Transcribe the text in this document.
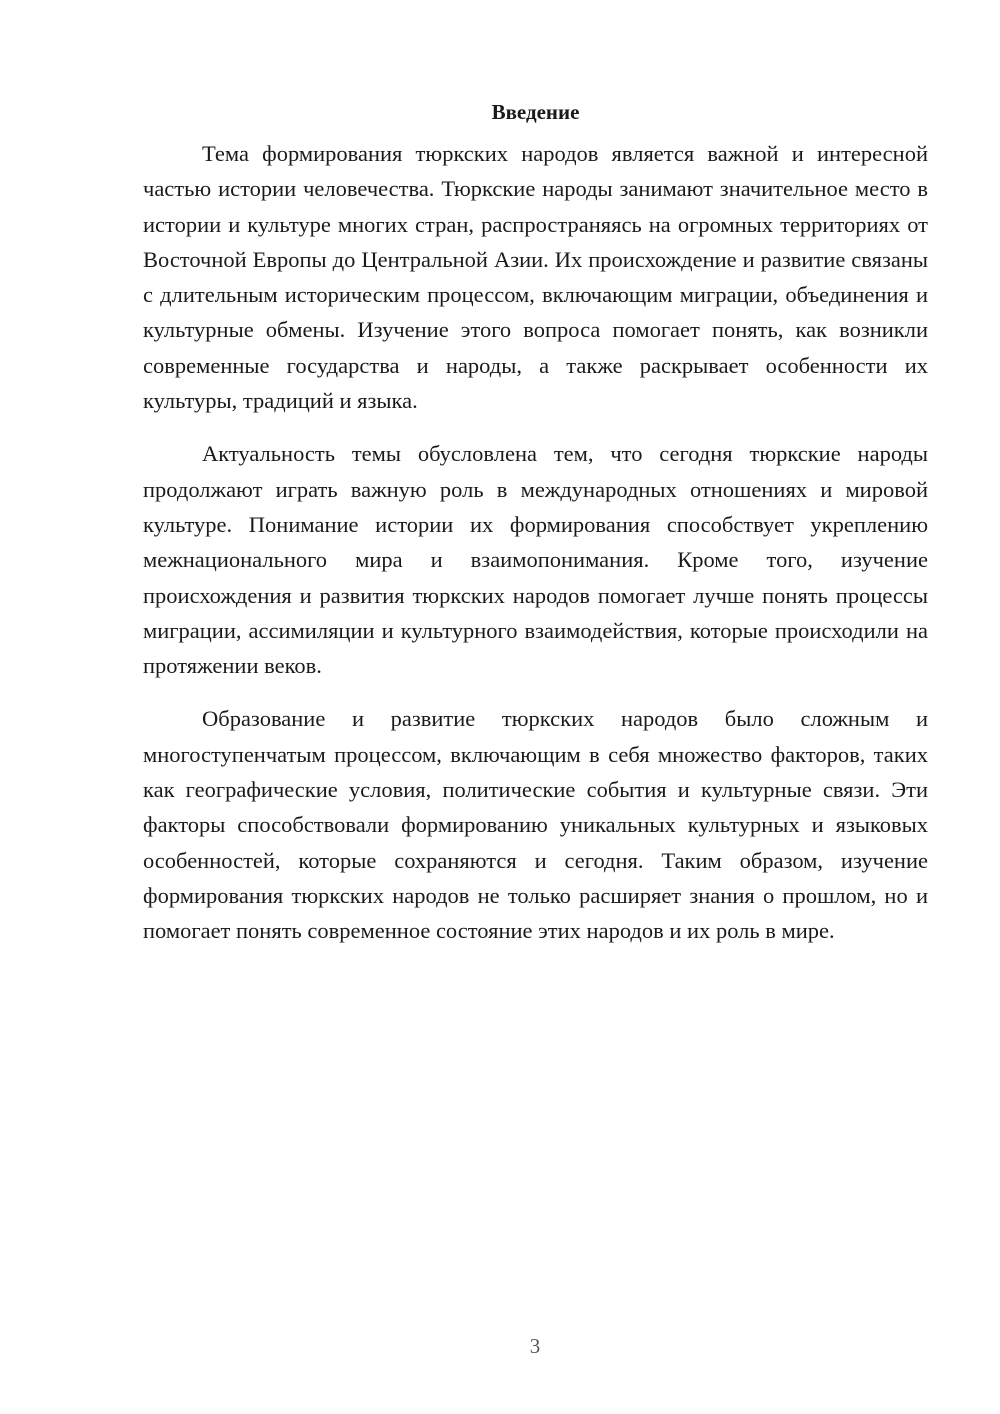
Введение

Тема формирования тюркских народов является важной и интересной частью истории человечества. Тюркские народы занимают значительное место в истории и культуре многих стран, распространяясь на огромных территориях от Восточной Европы до Центральной Азии. Их происхождение и развитие связаны с длительным историческим процессом, включающим миграции, объединения и культурные обмены. Изучение этого вопроса помогает понять, как возникли современные государства и народы, а также раскрывает особенности их культуры, традиций и языка.

Актуальность темы обусловлена тем, что сегодня тюркские народы продолжают играть важную роль в международных отношениях и мировой культуре. Понимание истории их формирования способствует укреплению межнационального мира и взаимопонимания. Кроме того, изучение происхождения и развития тюркских народов помогает лучше понять процессы миграции, ассимиляции и культурного взаимодействия, которые происходили на протяжении веков.

Образование и развитие тюркских народов было сложным и многоступенчатым процессом, включающим в себя множество факторов, таких как географические условия, политические события и культурные связи. Эти факторы способствовали формированию уникальных культурных и языковых особенностей, которые сохраняются и сегодня. Таким образом, изучение формирования тюркских народов не только расширяет знания о прошлом, но и помогает понять современное состояние этих народов и их роль в мире.

3
